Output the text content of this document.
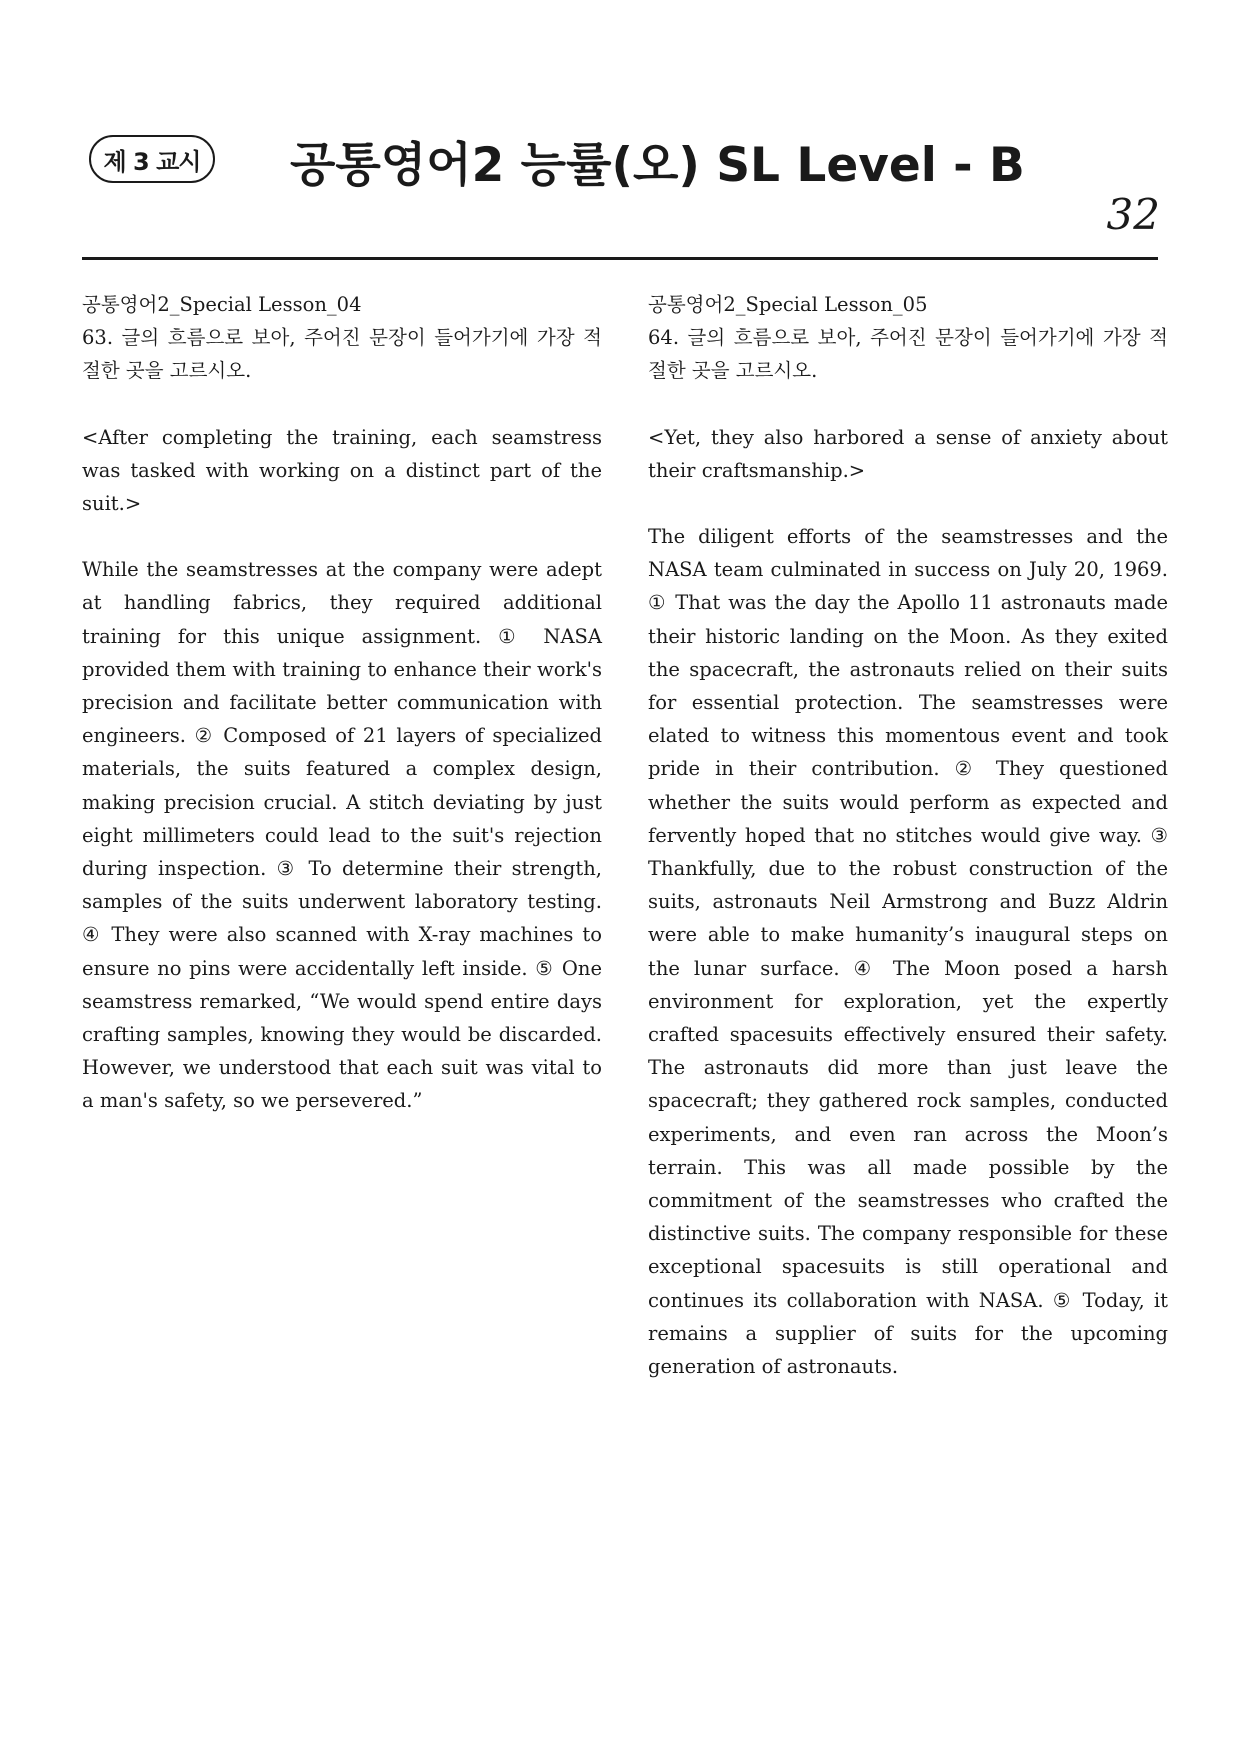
제 3 교시	공통영어2 능률(오) SL Level - B
32

공통영어2_Special Lesson_04

63. 글의 흐름으로 보아, 주어진 문장이 들어가기에 가장 적절한 곳을 고르시오.

<After completing the training, each seamstress was tasked with working on a distinct part of the suit.>

While the seamstresses at the company were adept at handling fabrics, they required additional training for this unique assignment. ① NASA provided them with training to enhance their work's precision and facilitate better communication with engineers. ② Composed of 21 layers of specialized materials, the suits featured a complex design, making precision crucial. A stitch deviating by just eight millimeters could lead to the suit's rejection during inspection. ③ To determine their strength, samples of the suits underwent laboratory testing. ④ They were also scanned with X-ray machines to ensure no pins were accidentally left inside. ⑤ One seamstress remarked, “We would spend entire days crafting samples, knowing they would be discarded. However, we understood that each suit was vital to a man's safety, so we persevered.”

공통영어2_Special Lesson_05

64. 글의 흐름으로 보아, 주어진 문장이 들어가기에 가장 적절한 곳을 고르시오.

<Yet, they also harbored a sense of anxiety about their craftsmanship.>

The diligent efforts of the seamstresses and the NASA team culminated in success on July 20, 1969. ① That was the day the Apollo 11 astronauts made their historic landing on the Moon. As they exited the spacecraft, the astronauts relied on their suits for essential protection. The seamstresses were elated to witness this momentous event and took pride in their contribution. ② They questioned whether the suits would perform as expected and fervently hoped that no stitches would give way. ③ Thankfully, due to the robust construction of the suits, astronauts Neil Armstrong and Buzz Aldrin were able to make humanity’s inaugural steps on the lunar surface. ④ The Moon posed a harsh environment for exploration, yet the expertly crafted spacesuits effectively ensured their safety. The astronauts did more than just leave the spacecraft; they gathered rock samples, conducted experiments, and even ran across the Moon’s terrain. This was all made possible by the commitment of the seamstresses who crafted the distinctive suits. The company responsible for these exceptional spacesuits is still operational and continues its collaboration with NASA. ⑤ Today, it remains a supplier of suits for the upcoming generation of astronauts.
